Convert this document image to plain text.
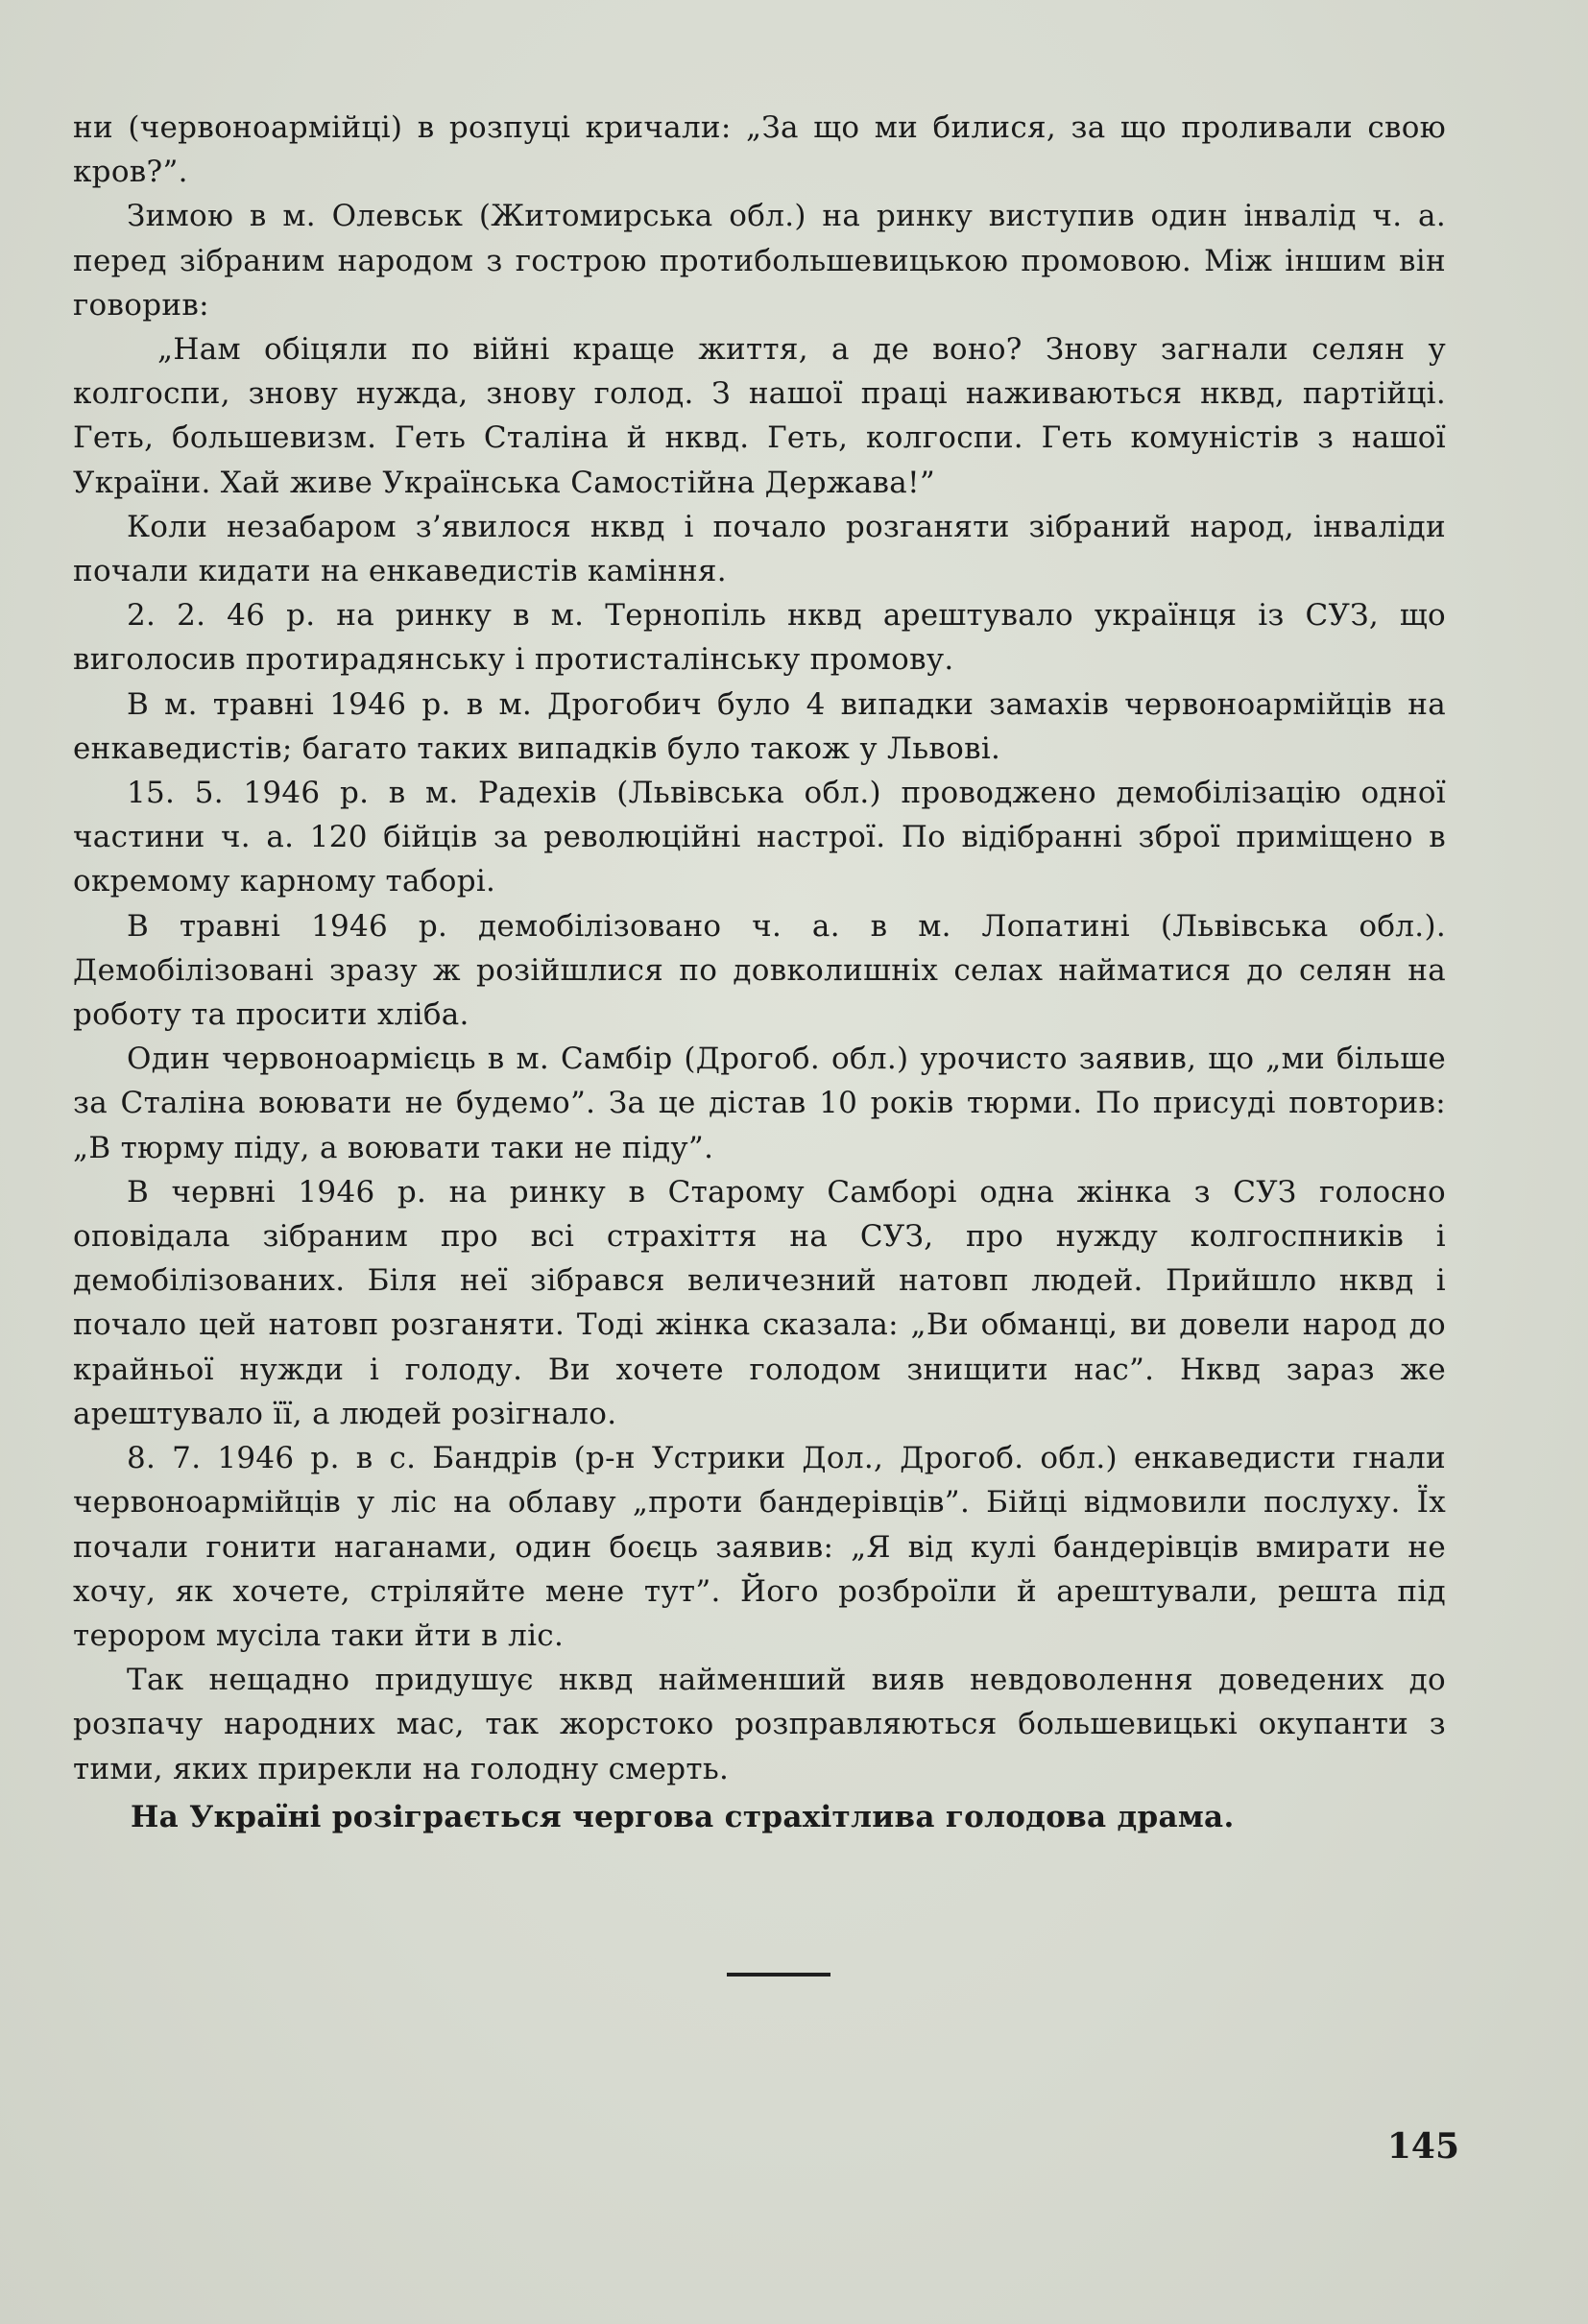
ни (червоноармійці) в розпуці кричали: „За що ми билися, за що проливали свою кров?”.

Зимою в м. Олевськ (Житомирська обл.) на ринку виступив один інвалід ч. а. перед зібраним народом з гострою протибольшевицькою промовою. Між іншим він говорив:

„Нам обіцяли по війні краще життя, а де воно? Знову загнали селян у колгоспи, знову нужда, знову голод. З нашої праці наживаються нквд, партійці. Геть, большевизм. Геть Сталіна й нквд. Геть, колгоспи. Геть комуністів з нашої України. Хай живе Українська Самостійна Держава!”

Коли незабаром з’явилося нквд і почало розганяти зібраний народ, інваліди почали кидати на енкаведистів каміння.

2. 2. 46 р. на ринку в м. Тернопіль нквд арештувало українця із СУЗ, що виголосив протирадянську і протисталінську промову.

В м. травні 1946 р. в м. Дрогобич було 4 випадки замахів червоноармійців на енкаведистів; багато таких випадків було також у Львові.

15. 5. 1946 р. в м. Радехів (Львівська обл.) проводжено демобілізацію одної частини ч. а. 120 бійців за революційні настрої. По відібранні зброї приміщено в окремому карному таборі.

В травні 1946 р. демобілізовано ч. а. в м. Лопатині (Львівська обл.). Демобілізовані зразу ж розійшлися по довколишніх селах найматися до селян на роботу та просити хліба.

Один червоноармієць в м. Самбір (Дрогоб. обл.) урочисто заявив, що „ми більше за Сталіна воювати не будемо”. За це дістав 10 років тюрми. По присуді повторив: „В тюрму піду, а воювати таки не піду”.

В червні 1946 р. на ринку в Старому Самборі одна жінка з СУЗ голосно оповідала зібраним про всі страхіття на СУЗ, про нужду колгоспників і демобілізованих. Біля неї зібрався величезний натовп людей. Прийшло нквд і почало цей натовп розганяти. Тоді жінка сказала: „Ви обманці, ви довели народ до крайньої нужди і голоду. Ви хочете голодом знищити нас”. Нквд зараз же арештувало її, а людей розігнало.

8. 7. 1946 р. в с. Бандрів (р-н Устрики Дол., Дрогоб. обл.) енкаведисти гнали червоноармійців у ліс на облаву „проти бандерівців”. Бійці відмовили послуху. Їх почали гонити наганами, один боєць заявив: „Я від кулі бандерівців вмирати не хочу, як хочете, стріляйте мене тут”. Його розброїли й арештували, решта під терором мусіла таки йти в ліс.

Так нещадно придушує нквд найменший вияв невдоволення доведених до розпачу народних мас, так жорстоко розправляються большевицькі окупанти з тими, яких прирекли на голодну смерть.

На Україні розіграється чергова страхітлива голодова драма.

145
